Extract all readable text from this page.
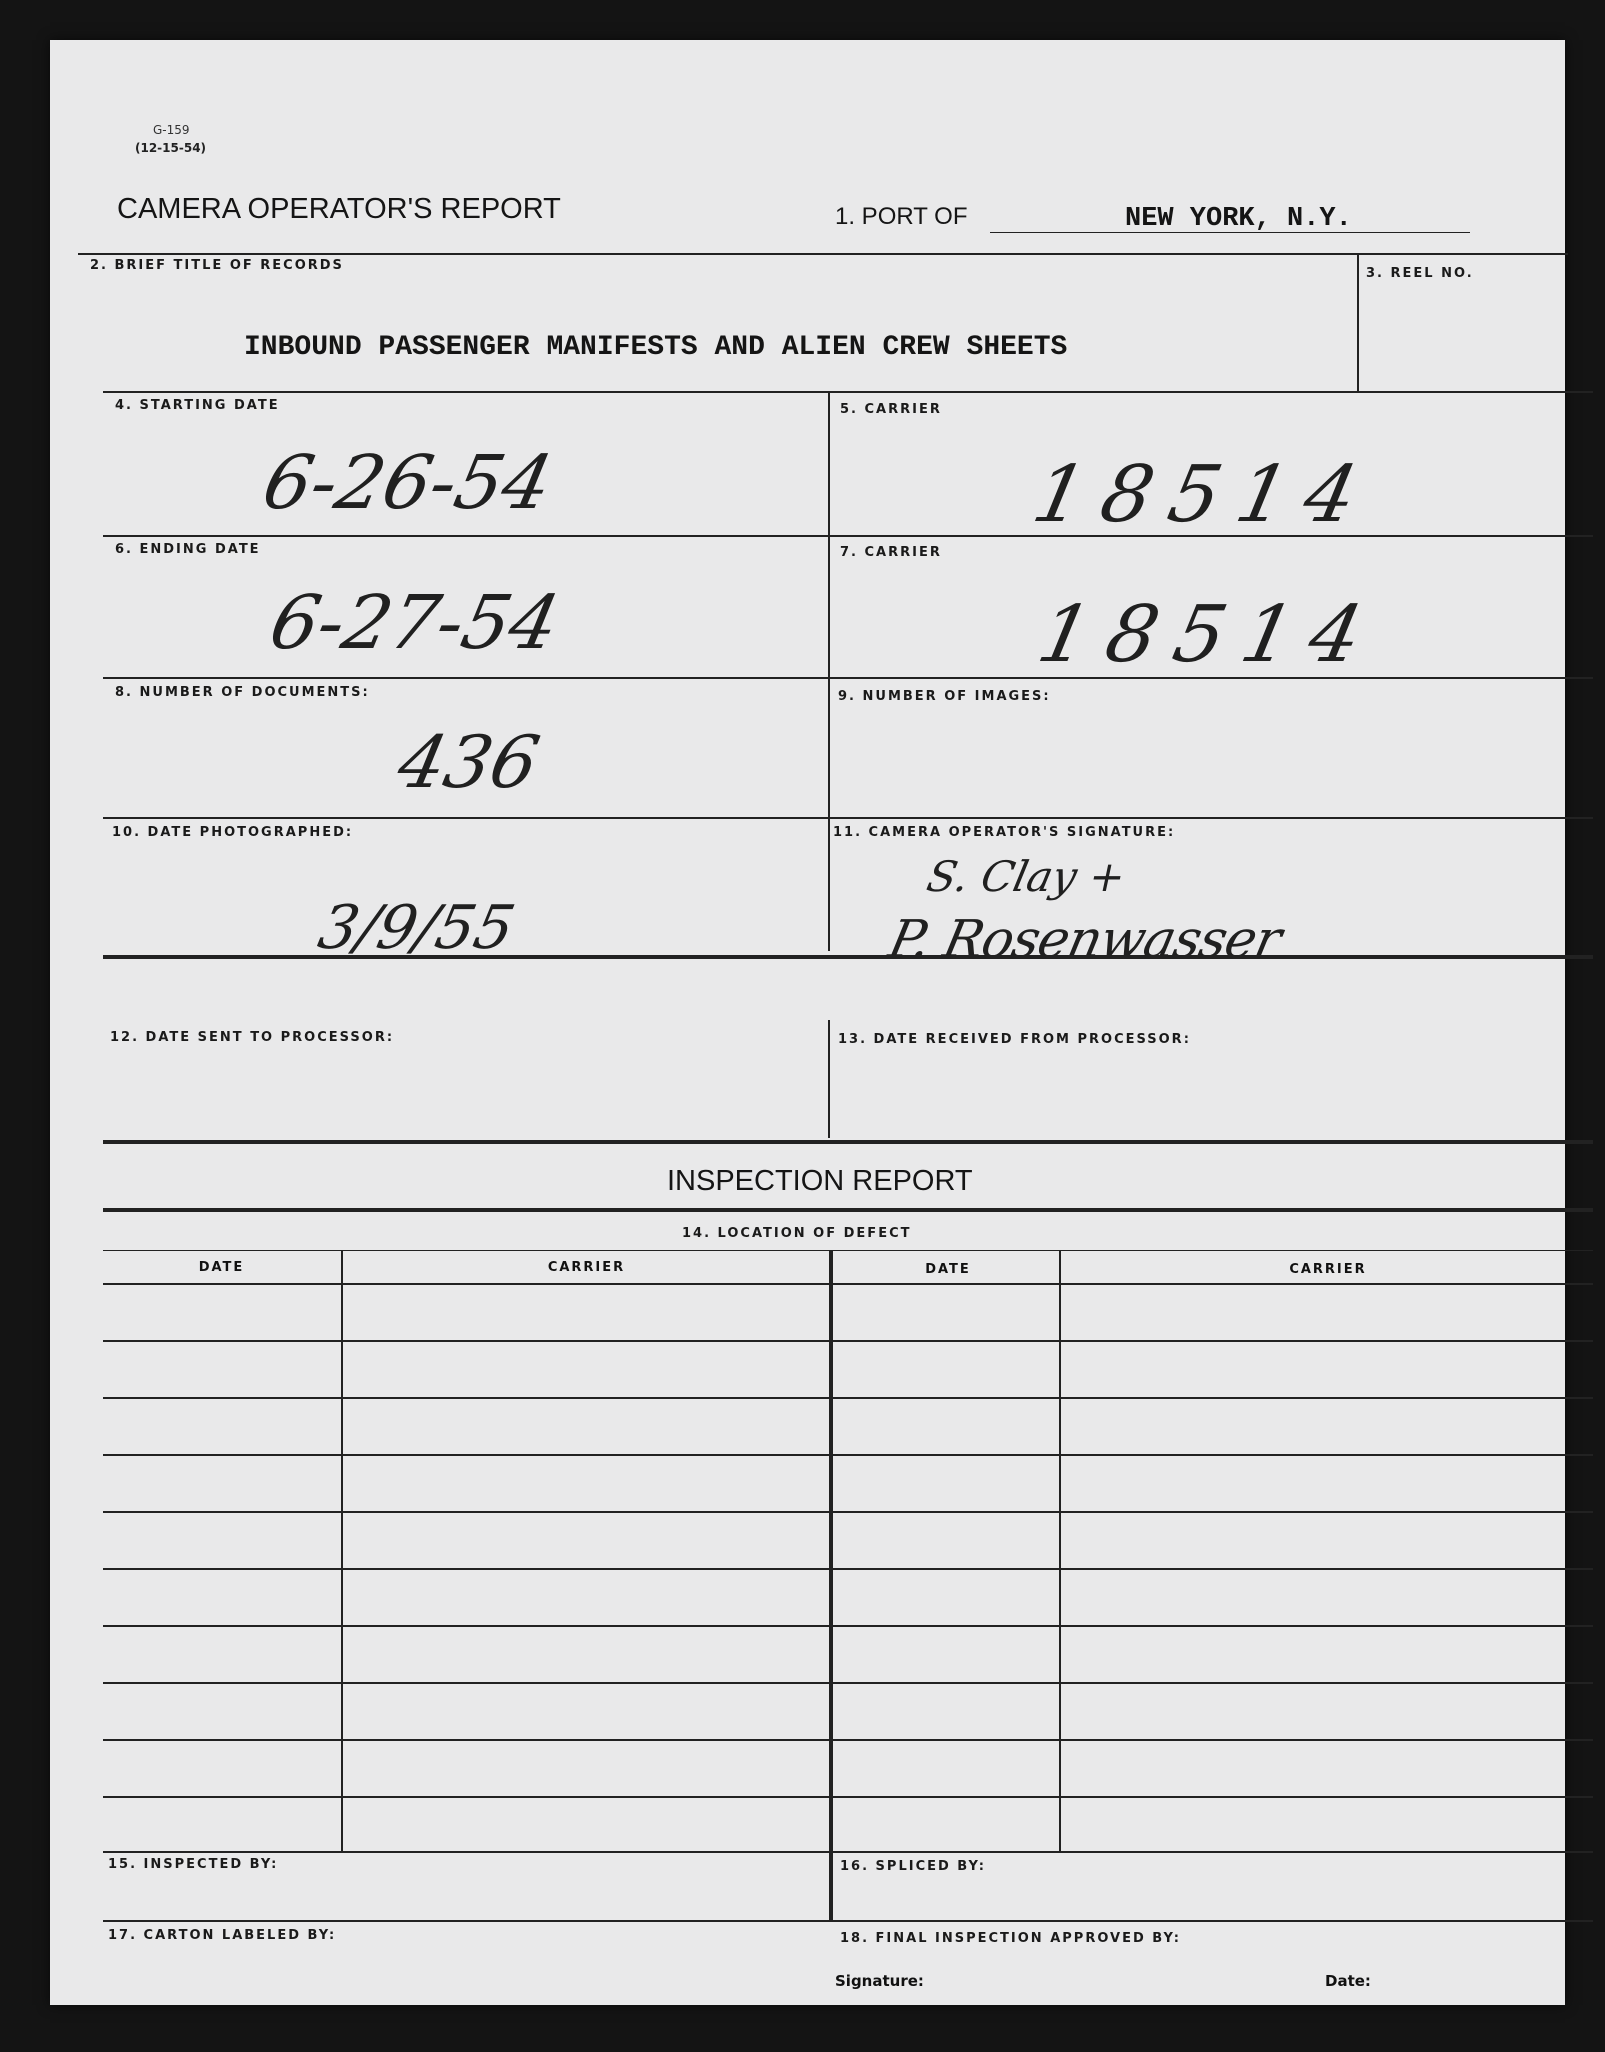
G-159
(12-15-54)
CAMERA OPERATOR'S REPORT	1. PORT OF	NEW YORK, N.Y.
2. BRIEF TITLE OF RECORDS
INBOUND PASSENGER MANIFESTS AND ALIEN CREW SHEETS
3. REEL NO.
4. STARTING DATE
6-26-54
5. CARRIER
18514
6. ENDING DATE
6-27-54
7. CARRIER
18514
8. NUMBER OF DOCUMENTS:
436
9. NUMBER OF IMAGES:
10. DATE PHOTOGRAPHED:
3/9/55
11. CAMERA OPERATOR'S SIGNATURE:
S. Clay +
P. Rosenwasser
12. DATE SENT TO PROCESSOR:	13. DATE RECEIVED FROM PROCESSOR:
INSPECTION REPORT
14. LOCATION OF DEFECT
DATE	CARRIER	DATE	CARRIER
15. INSPECTED BY:	16. SPLICED BY:
17. CARTON LABELED BY:	18. FINAL INSPECTION APPROVED BY:
Signature:	Date:
